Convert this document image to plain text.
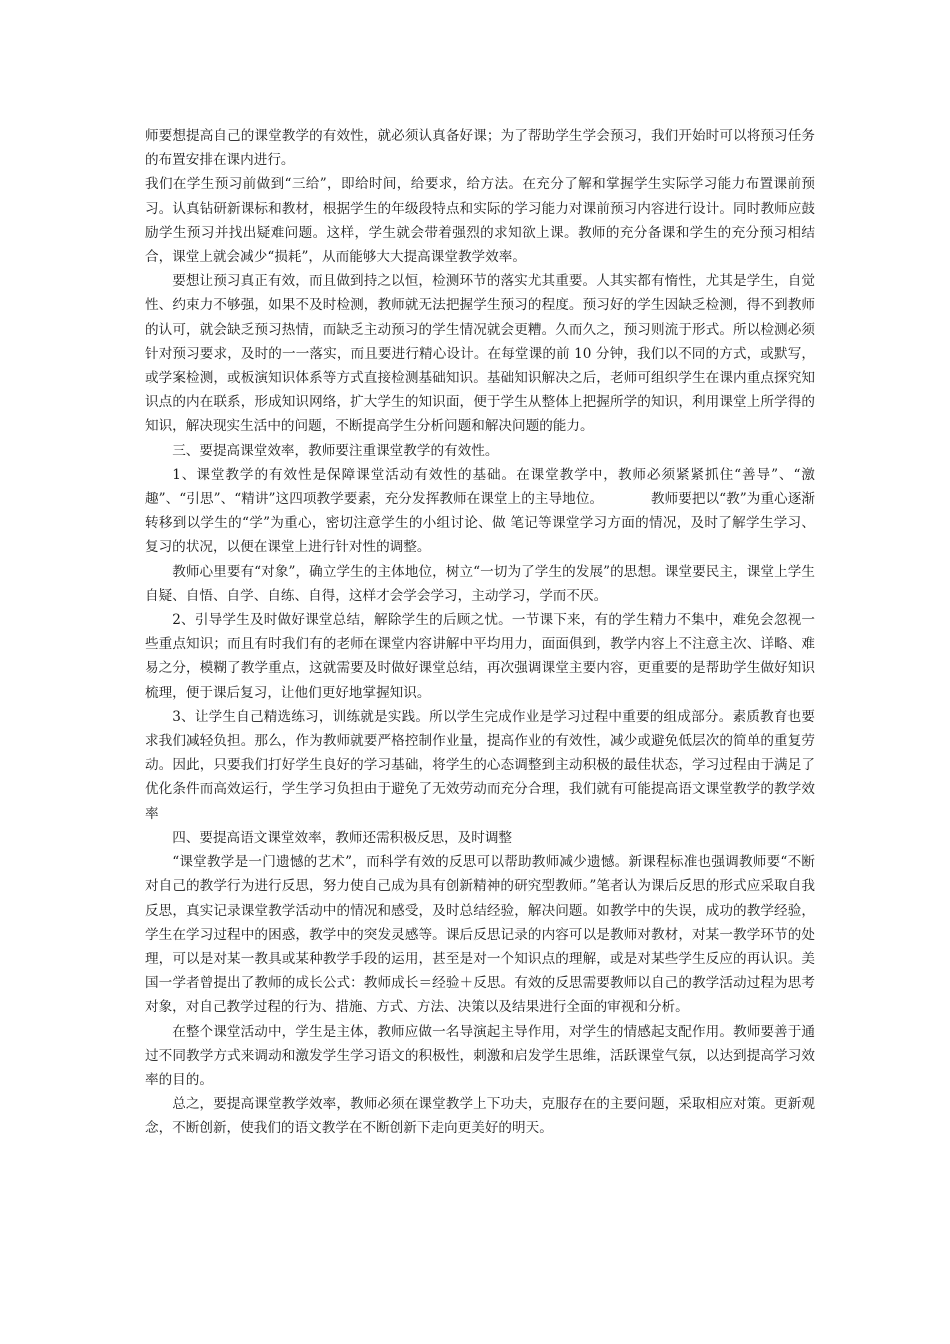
师要想提高自己的课堂教学的有效性，就必须认真备好课；为了帮助学生学会预习，我们开始时可以将预习任务的布置安排在课内进行。

我们在学生预习前做到“三给”，即给时间，给要求，给方法。在充分了解和掌握学生实际学习能力布置课前预习。认真钻研新课标和教材，根据学生的年级段特点和实际的学习能力对课前预习内容进行设计。同时教师应鼓励学生预习并找出疑难问题。这样，学生就会带着强烈的求知欲上课。教师的充分备课和学生的充分预习相结合，课堂上就会减少“损耗”，从而能够大大提高课堂教学效率。

要想让预习真正有效，而且做到持之以恒，检测环节的落实尤其重要。人其实都有惰性，尤其是学生，自觉性、约束力不够强，如果不及时检测，教师就无法把握学生预习的程度。预习好的学生因缺乏检测，得不到教师的认可，就会缺乏预习热情，而缺乏主动预习的学生情况就会更糟。久而久之，预习则流于形式。所以检测必须针对预习要求，及时的一一落实，而且要进行精心设计。在每堂课的前 10 分钟，我们以不同的方式，或默写，或学案检测，或板演知识体系等方式直接检测基础知识。基础知识解决之后，老师可组织学生在课内重点探究知识点的内在联系，形成知识网络，扩大学生的知识面，便于学生从整体上把握所学的知识，利用课堂上所学得的知识，解决现实生活中的问题，不断提高学生分析问题和解决问题的能力。

三、要提高课堂效率，教师要注重课堂教学的有效性。

1、课堂教学的有效性是保障课堂活动有效性的基础。在课堂教学中，教师必须紧紧抓住“善导”、“激趣”、“引思”、“精讲”这四项教学要素，充分发挥教师在课堂上的主导地位。　　　　教师要把以“教”为重心逐渐转移到以学生的“学”为重心，密切注意学生的小组讨论、做 笔记等课堂学习方面的情况，及时了解学生学习、复习的状况，以便在课堂上进行针对性的调整。

教师心里要有“对象”，确立学生的主体地位，树立“一切为了学生的发展”的思想。课堂要民主，课堂上学生自疑、自悟、自学、自练、自得，这样才会学会学习，主动学习，学而不厌。

2、引导学生及时做好课堂总结，解除学生的后顾之忧。一节课下来，有的学生精力不集中，难免会忽视一些重点知识；而且有时我们有的老师在课堂内容讲解中平均用力，面面俱到，教学内容上不注意主次、详略、难易之分，模糊了教学重点，这就需要及时做好课堂总结，再次强调课堂主要内容，更重要的是帮助学生做好知识梳理，便于课后复习，让他们更好地掌握知识。

3、让学生自己精选练习，训练就是实践。所以学生完成作业是学习过程中重要的组成部分。素质教育也要求我们减轻负担。那么，作为教师就要严格控制作业量，提高作业的有效性，减少或避免低层次的简单的重复劳动。因此，只要我们打好学生良好的学习基础，将学生的心态调整到主动积极的最佳状态，学习过程由于满足了优化条件而高效运行，学生学习负担由于避免了无效劳动而充分合理，我们就有可能提高语文课堂教学的教学效率

四、要提高语文课堂效率，教师还需积极反思，及时调整

“课堂教学是一门遗憾的艺术”，而科学有效的反思可以帮助教师减少遗憾。新课程标准也强调教师要“不断对自己的教学行为进行反思，努力使自己成为具有创新精神的研究型教师。”笔者认为课后反思的形式应采取自我反思，真实记录课堂教学活动中的情况和感受，及时总结经验，解决问题。如教学中的失误，成功的教学经验，学生在学习过程中的困惑，教学中的突发灵感等。课后反思记录的内容可以是教师对教材，对某一教学环节的处理，可以是对某一教具或某种教学手段的运用，甚至是对一个知识点的理解，或是对某些学生反应的再认识。美国一学者曾提出了教师的成长公式：教师成长＝经验＋反思。有效的反思需要教师以自己的教学活动过程为思考对象，对自己教学过程的行为、措施、方式、方法、决策以及结果进行全面的审视和分析。

在整个课堂活动中，学生是主体，教师应做一名导演起主导作用，对学生的情感起支配作用。教师要善于通过不同教学方式来调动和激发学生学习语文的积极性，刺激和启发学生思维，活跃课堂气氛，以达到提高学习效率的目的。

总之，要提高课堂教学效率，教师必须在课堂教学上下功夫，克服存在的主要问题，采取相应对策。更新观念，不断创新，使我们的语文教学在不断创新下走向更美好的明天。
